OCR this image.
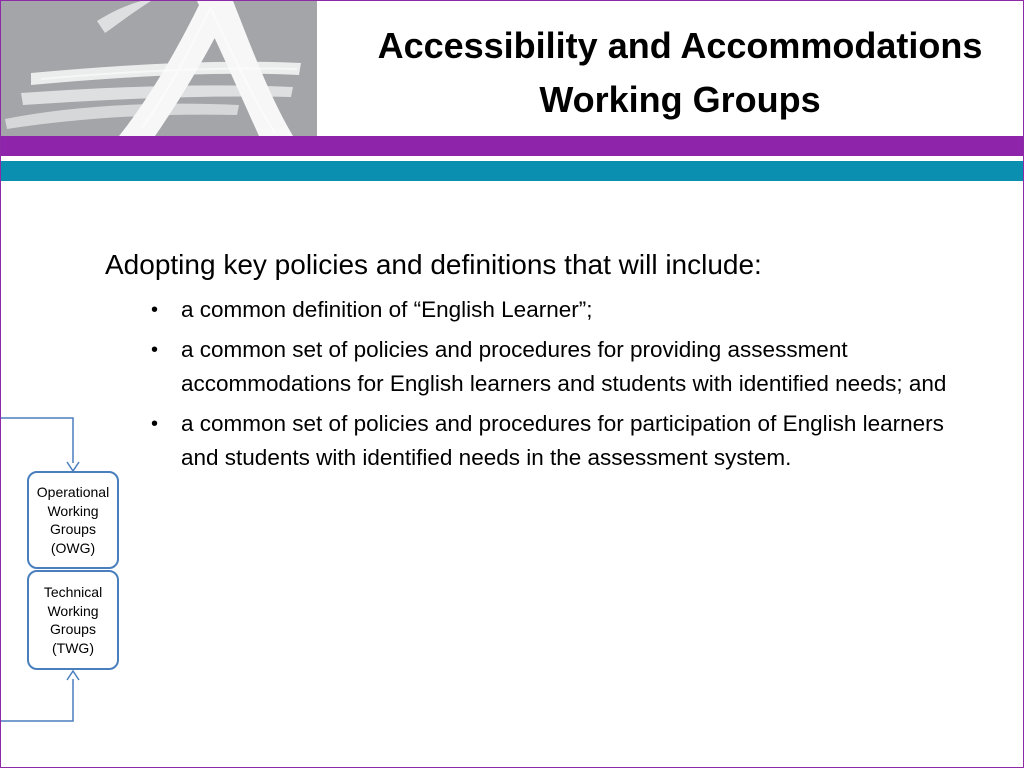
Accessibility and Accommodations
Working Groups

Adopting key policies and definitions that will include:

• a common definition of “English Learner”;
• a common set of policies and procedures for providing assessment accommodations for English learners and students with identified needs; and
• a common set of policies and procedures for participation of English learners and students with identified needs in the assessment system.
Operational
Working
Groups
(OWG)
Technical
Working
Groups
(TWG)
